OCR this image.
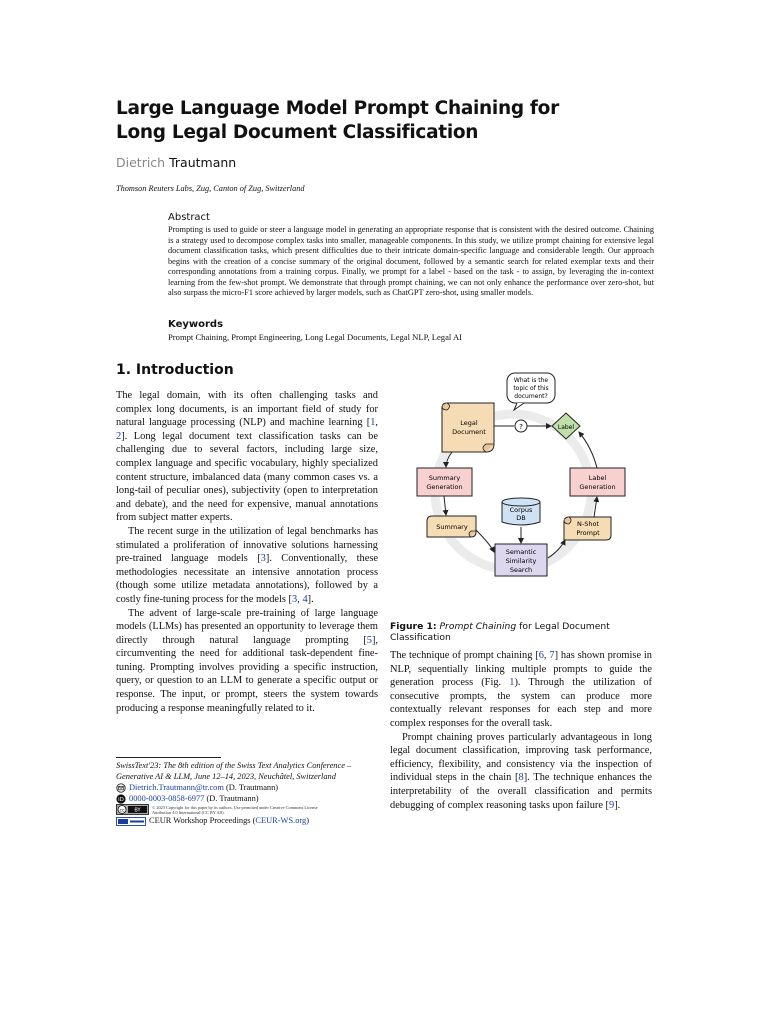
Large Language Model Prompt Chaining for
Long Legal Document Classification
Dietrich Trautmann
Thomson Reuters Labs, Zug, Canton of Zug, Switzerland
Abstract
Prompting is used to guide or steer a language model in generating an appropriate response that is consistent with the desired outcome. Chaining is a strategy used to decompose complex tasks into smaller, manageable components. In this study, we utilize prompt chaining for extensive legal document classification tasks, which present difficulties due to their intricate domain-specific language and considerable length. Our approach begins with the creation of a concise summary of the original document, followed by a semantic search for related exemplar texts and their corresponding annotations from a training corpus. Finally, we prompt for a label - based on the task - to assign, by leveraging the in-context learning from the few-shot prompt. We demonstrate that through prompt chaining, we can not only enhance the performance over zero-shot, but also surpass the micro-F1 score achieved by larger models, such as ChatGPT zero-shot, using smaller models.
Keywords
Prompt Chaining, Prompt Engineering, Long Legal Documents, Legal NLP, Legal AI
1. Introduction

The legal domain, with its often challenging tasks and complex long documents, is an important field of study for natural language processing (NLP) and machine learning [1, 2]. Long legal document text classification tasks can be challenging due to several factors, including large size, complex language and specific vocabulary, highly specialized content structure, imbalanced data (many common cases vs. a long-tail of peculiar ones), subjectivity (open to interpretation and debate), and the need for expensive, manual annotations from subject matter experts.

The recent surge in the utilization of legal benchmarks has stimulated a proliferation of innovative solutions harnessing pre-trained language models [3]. Conventionally, these methodologies necessitate an intensive annotation process (though some utilize metadata annotations), followed by a costly fine-tuning process for the models [3, 4].

The advent of large-scale pre-training of large language models (LLMs) has presented an opportunity to leverage them directly through natural language prompting [5], circumventing the need for additional task-dependent fine-tuning. Prompting involves providing a specific instruction, query, or question to an LLM to generate a specific output or response. The input, or prompt, steers the system towards producing a response meaningfully related to it.

What is the
topic of this
document?
Legal
Document
?	Label
Summary
Generation
Label
Generation
Corpus
DB
Summary	N-Shot
Prompt
Semantic
Similarity
Search
Figure 1: Prompt Chaining for Legal Document Classification

The technique of prompt chaining [6, 7] has shown promise in NLP, sequentially linking multiple prompts to guide the generation process (Fig. 1). Through the utilization of consecutive prompts, the system can produce more contextually relevant responses for each step and more complex responses for the overall task.

Prompt chaining proves particularly advantageous in long legal document classification, improving task performance, efficiency, flexibility, and consistency via the inspection of individual steps in the chain [8]. The technique enhances the interpretability of the overall classification and permits debugging of complex reasoning tasks upon failure [9].

SwissText'23: The 8th edition of the Swiss Text Analytics Conference –
Generative AI & LLM, June 12–14, 2023, Neuchâtel, Switzerland
Dietrich.Trautmann@tr.com (D. Trautmann)
iD 0000-0003-0858-6977 (D. Trautmann)
cc BY
© 2023 Copyright for this paper by its authors. Use permitted under Creative Commons License
Attribution 4.0 International (CC BY 4.0).
CEUR Workshop Proceedings (CEUR-WS.org)
